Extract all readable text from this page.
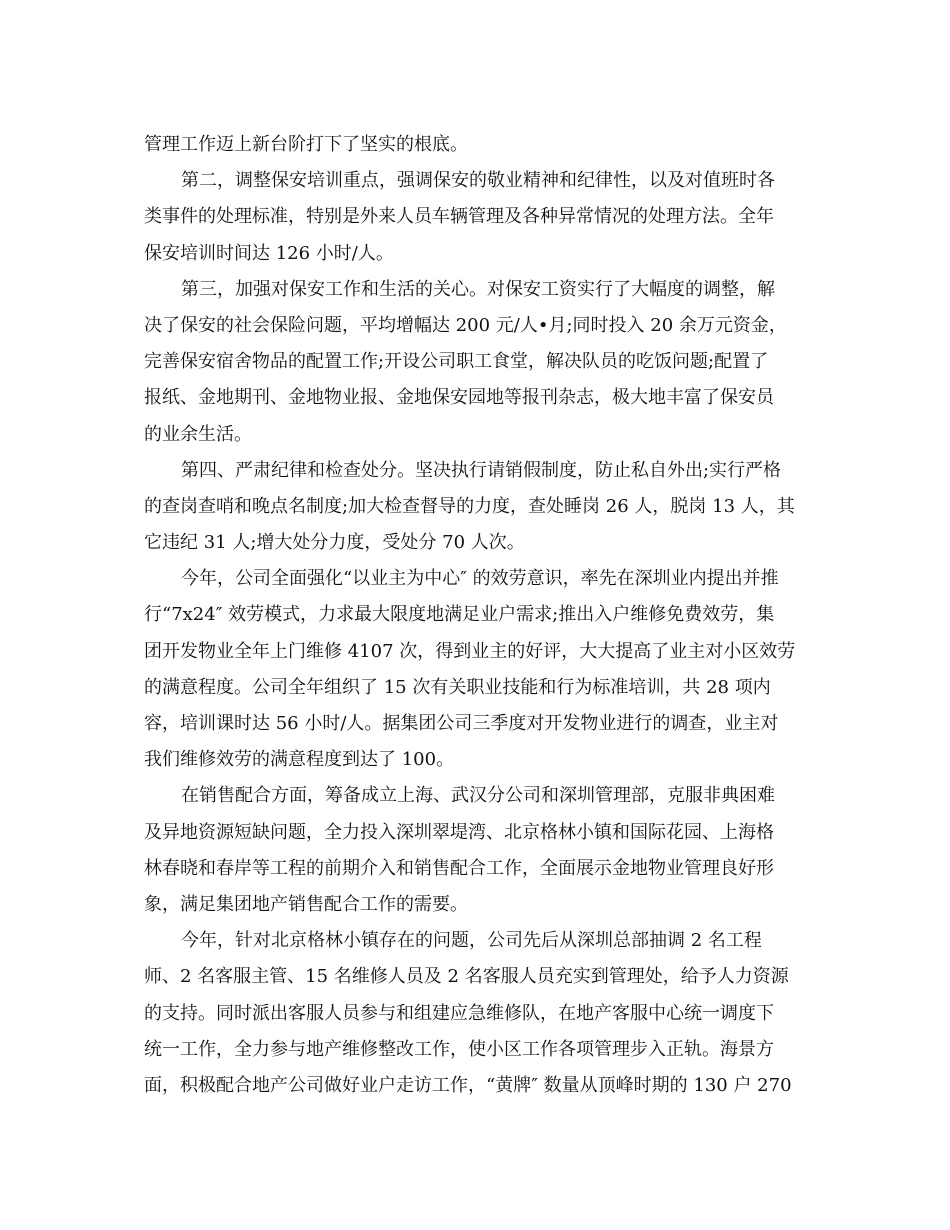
管理工作迈上新台阶打下了坚实的根底。
第二，调整保安培训重点，强调保安的敬业精神和纪律性，以及对值班时各
类事件的处理标准，特别是外来人员车辆管理及各种异常情况的处理方法。全年
保安培训时间达 126 小时/人。
第三，加强对保安工作和生活的关心。对保安工资实行了大幅度的调整，解
决了保安的社会保险问题，平均增幅达 200 元/人•月;同时投入 20 余万元资金，
完善保安宿舍物品的配置工作;开设公司职工食堂，解决队员的吃饭问题;配置了
报纸、金地期刊、金地物业报、金地保安园地等报刊杂志，极大地丰富了保安员
的业余生活。
第四、严肃纪律和检查处分。坚决执行请销假制度，防止私自外出;实行严格
的查岗查哨和晚点名制度;加大检查督导的力度，查处睡岗 26 人，脱岗 13 人，其
它违纪 31 人;增大处分力度，受处分 70 人次。
今年，公司全面强化“以业主为中心″ 的效劳意识，率先在深圳业内提出并推
行“7x24″ 效劳模式，力求最大限度地满足业户需求;推出入户维修免费效劳，集
团开发物业全年上门维修 4107 次，得到业主的好评，大大提高了业主对小区效劳
的满意程度。公司全年组织了 15 次有关职业技能和行为标准培训，共 28 项内
容，培训课时达 56 小时/人。据集团公司三季度对开发物业进行的调查，业主对
我们维修效劳的满意程度到达了 100。
在销售配合方面，筹备成立上海、武汉分公司和深圳管理部，克服非典困难
及异地资源短缺问题，全力投入深圳翠堤湾、北京格林小镇和国际花园、上海格
林春晓和春岸等工程的前期介入和销售配合工作，全面展示金地物业管理良好形
象，满足集团地产销售配合工作的需要。
今年，针对北京格林小镇存在的问题，公司先后从深圳总部抽调 2 名工程
师、2 名客服主管、15 名维修人员及 2 名客服人员充实到管理处，给予人力资源
的支持。同时派出客服人员参与和组建应急维修队，在地产客服中心统一调度下
统一工作，全力参与地产维修整改工作，使小区工作各项管理步入正轨。海景方
面，积极配合地产公司做好业户走访工作，“黄牌″ 数量从顶峰时期的 130 户 270
